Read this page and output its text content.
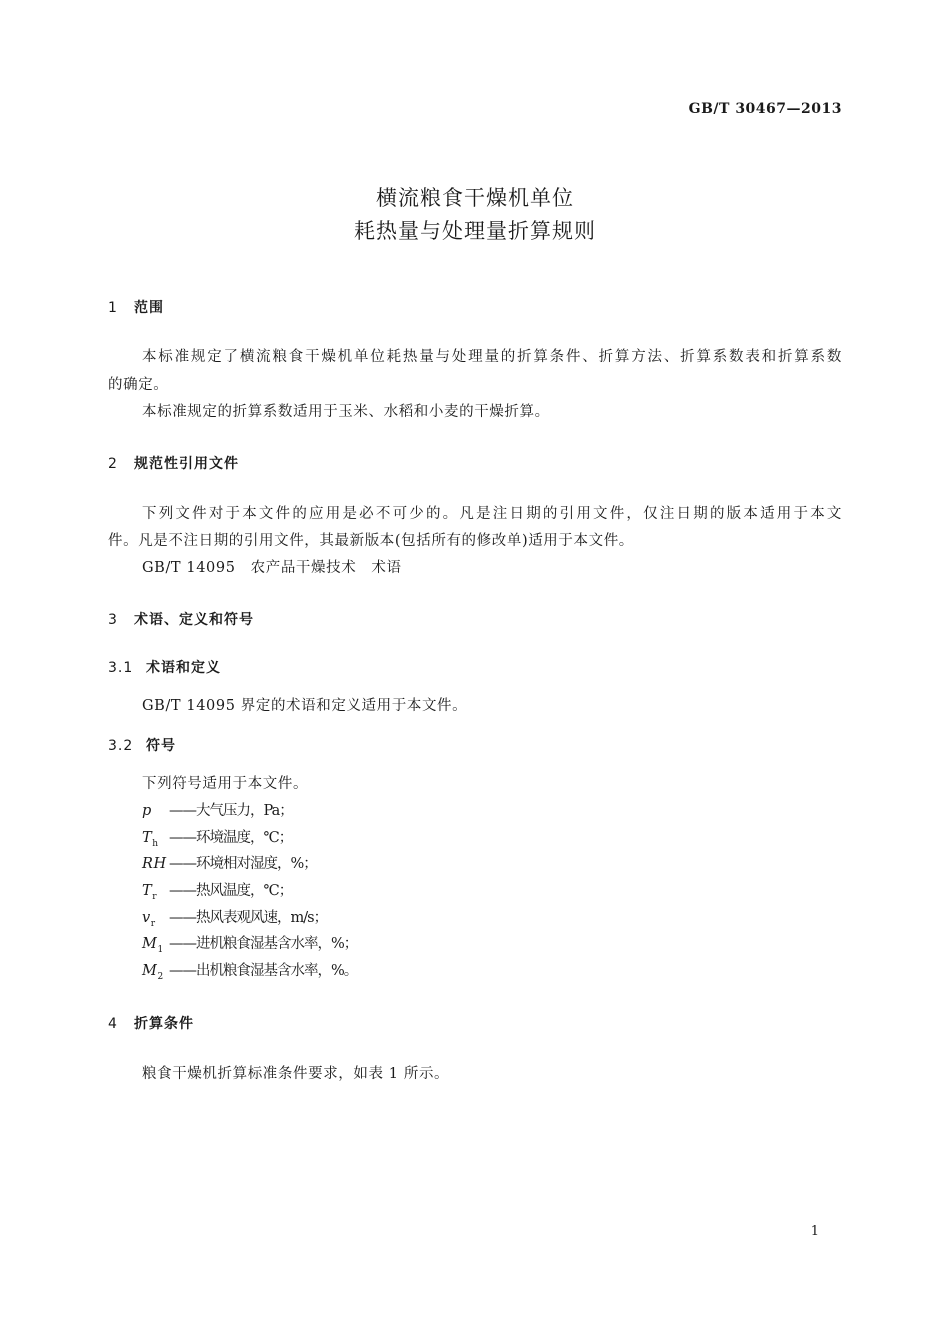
GB/T 30467—2013
横流粮食干燥机单位
耗热量与处理量折算规则
1 范围
本标准规定了横流粮食干燥机单位耗热量与处理量的折算条件、折算方法、折算系数表和折算系数
的确定。
本标准规定的折算系数适用于玉米、水稻和小麦的干燥折算。
2 规范性引用文件
下列文件对于本文件的应用是必不可少的。凡是注日期的引用文件，仅注日期的版本适用于本文
件。凡是不注日期的引用文件，其最新版本(包括所有的修改单)适用于本文件。
GB/T 14095　农产品干燥技术　术语
3 术语、定义和符号
3.1 术语和定义
GB/T 14095 界定的术语和定义适用于本文件。
3.2 符号
下列符号适用于本文件。
p ——大气压力，Pa；
$T_h$ ——环境温度，℃；
RH ——环境相对湿度，%；
$T_r$ ——热风温度，℃；
$v_r$ ——热风表观风速，m/s；
$M_1$ ——进机粮食湿基含水率，%；
$M_2$ ——出机粮食湿基含水率，%。
4 折算条件
粮食干燥机折算标准条件要求，如表 1 所示。
1
